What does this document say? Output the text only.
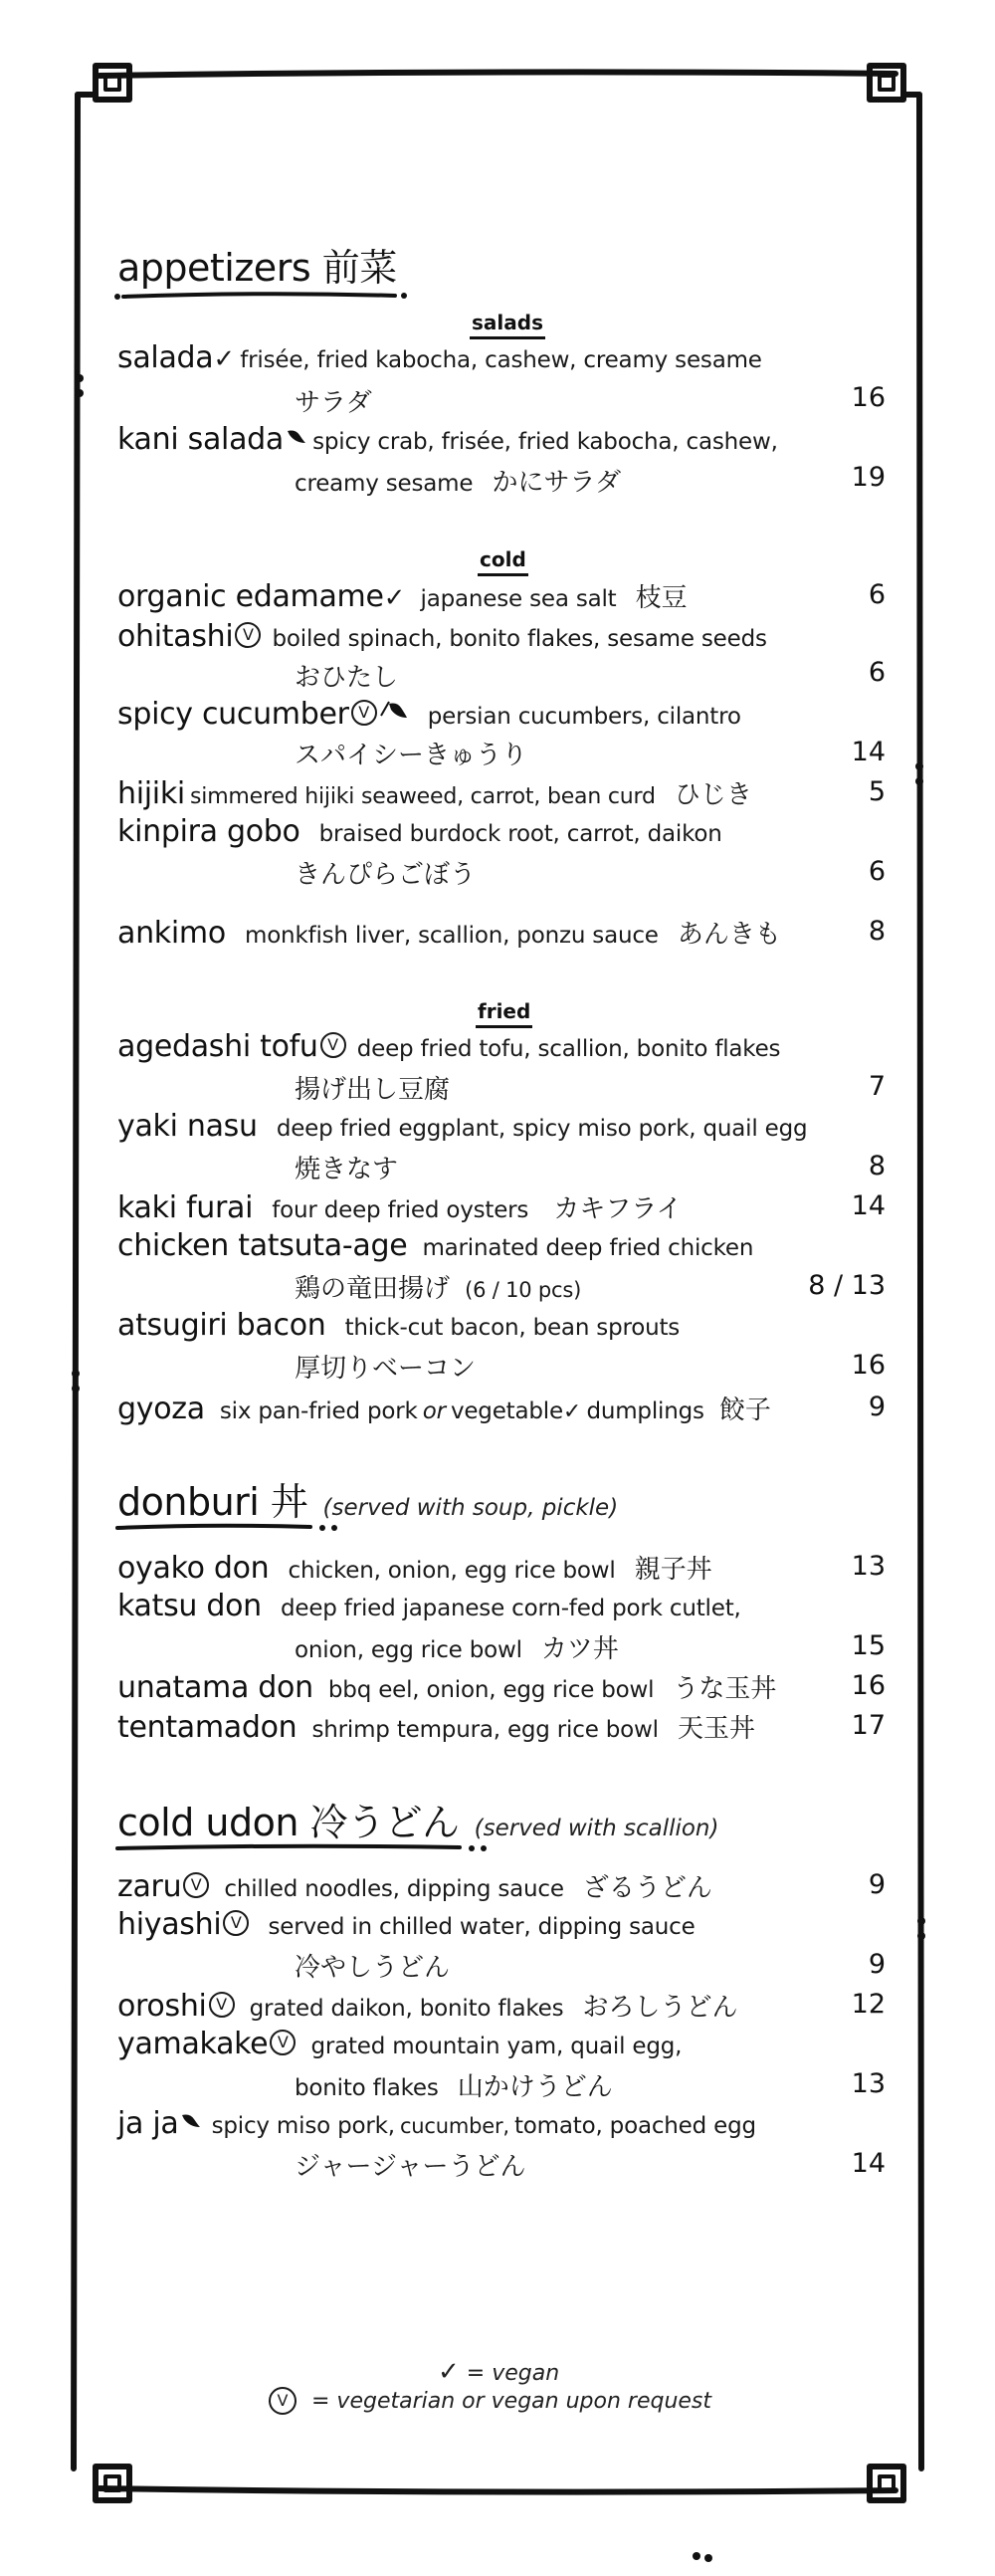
appetizers 前菜
salads
salada✓ frisée, fried kabocha, cashew, creamy sesame
サラダ	16
kani salada spicy crab, frisée, fried kabocha, cashew,
creamy sesame かにサラダ	19
cold
organic edamame✓ japanese sea salt 枝豆	6
ohitashi V boiled spinach, bonito flakes, sesame seeds
おひたし	6
spicy cucumber V	persian cucumbers, cilantro
スパイシーきゅうり	14
hijiki simmered hijiki seaweed, carrot, bean curd ひじき	5
kinpira gobo braised burdock root, carrot, daikon
きんぴらごぼう	6
ankimo monkfish liver, scallion, ponzu sauce あんきも	8
fried
agedashi tofu V deep fried tofu, scallion, bonito flakes
揚げ出し豆腐	7
yaki nasu deep fried eggplant, spicy miso pork, quail egg
焼きなす	8
kaki furai four deep fried oysters カキフライ	14
chicken tatsuta-age marinated deep fried chicken
鶏の竜田揚げ (6 / 10 pcs)	8 / 13
atsugiri bacon thick-cut bacon, bean sprouts
厚切りベーコン	16
gyoza six pan-fried pork or vegetable✓ dumplings 餃子	9
donburi 丼 (served with soup, pickle)
oyako don chicken, onion, egg rice bowl 親子丼	13
katsu don deep fried japanese corn-fed pork cutlet,
onion, egg rice bowl カツ丼	15
unatama don bbq eel, onion, egg rice bowl うな玉丼	16
tentamadon shrimp tempura, egg rice bowl 天玉丼	17
cold udon 冷うどん (served with scallion)
zaru V chilled noodles, dipping sauce ざるうどん	9
hiyashi V served in chilled water, dipping sauce
冷やしうどん	9
oroshi V grated daikon, bonito flakes おろしうどん	12
yamakake V grated mountain yam, quail egg,
bonito flakes 山かけうどん	13
ja ja spicy miso pork, cucumber, tomato, poached egg
ジャージャーうどん	14
✓ = vegan
V = vegetarian or vegan upon request
